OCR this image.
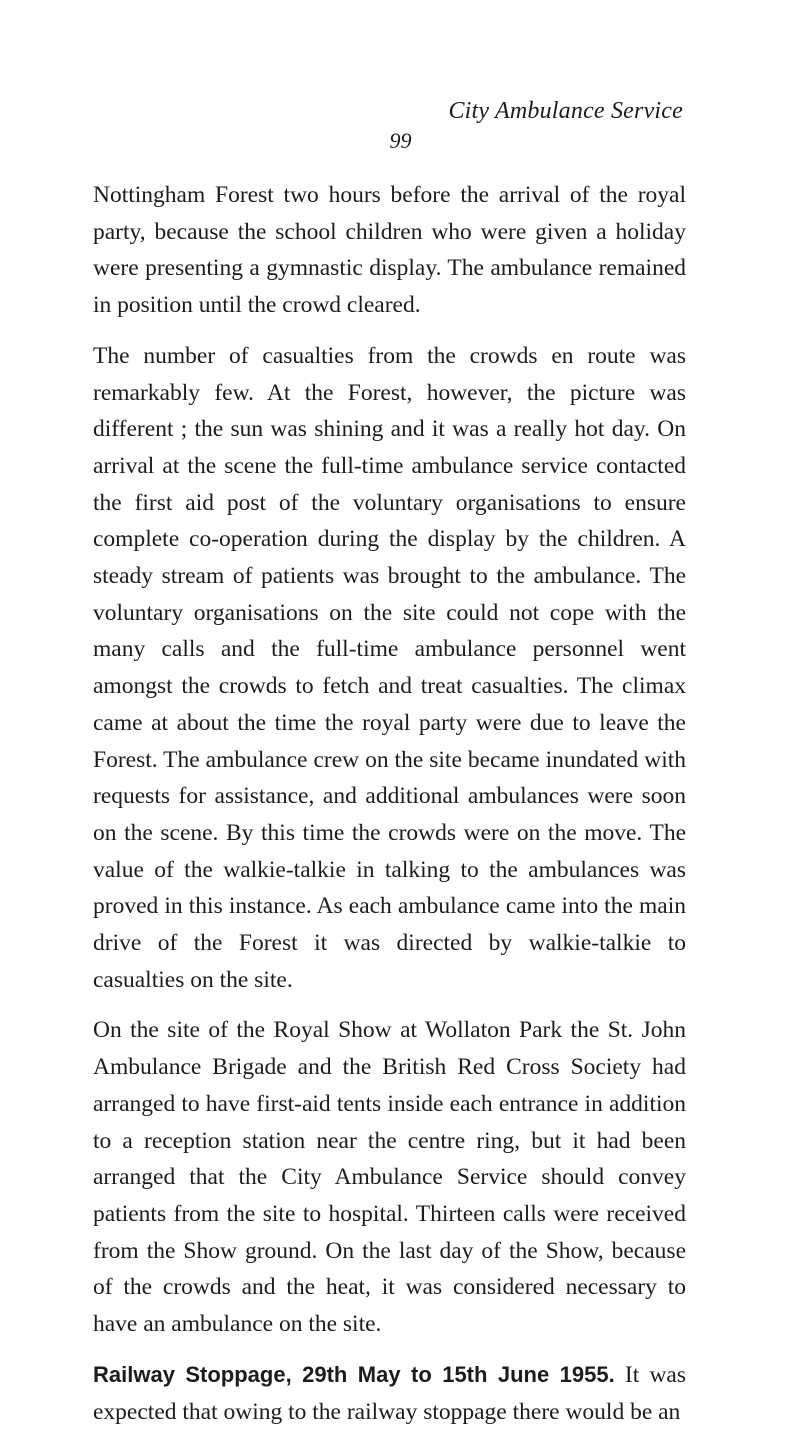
City Ambulance Service
99

Nottingham Forest two hours before the arrival of the royal party, because the school children who were given a holiday were presenting a gymnastic display. The ambulance remained in position until the crowd cleared.

The number of casualties from the crowds en route was remarkably few. At the Forest, however, the picture was different ; the sun was shining and it was a really hot day. On arrival at the scene the full-time ambulance service contacted the first aid post of the voluntary organisations to ensure complete co-operation during the display by the children. A steady stream of patients was brought to the ambulance. The voluntary organisations on the site could not cope with the many calls and the full-time ambulance personnel went amongst the crowds to fetch and treat casualties. The climax came at about the time the royal party were due to leave the Forest. The ambulance crew on the site became inundated with requests for assistance, and additional ambulances were soon on the scene. By this time the crowds were on the move. The value of the walkie-talkie in talking to the ambulances was proved in this instance. As each ambulance came into the main drive of the Forest it was directed by walkie-talkie to casualties on the site.

On the site of the Royal Show at Wollaton Park the St. John Ambulance Brigade and the British Red Cross Society had arranged to have first-aid tents inside each entrance in addition to a reception station near the centre ring, but it had been arranged that the City Ambulance Service should convey patients from the site to hospital. Thirteen calls were received from the Show ground. On the last day of the Show, because of the crowds and the heat, it was considered necessary to have an ambulance on the site.

Railway Stoppage, 29th May to 15th June 1955. It was expected that owing to the railway stoppage there would be an
